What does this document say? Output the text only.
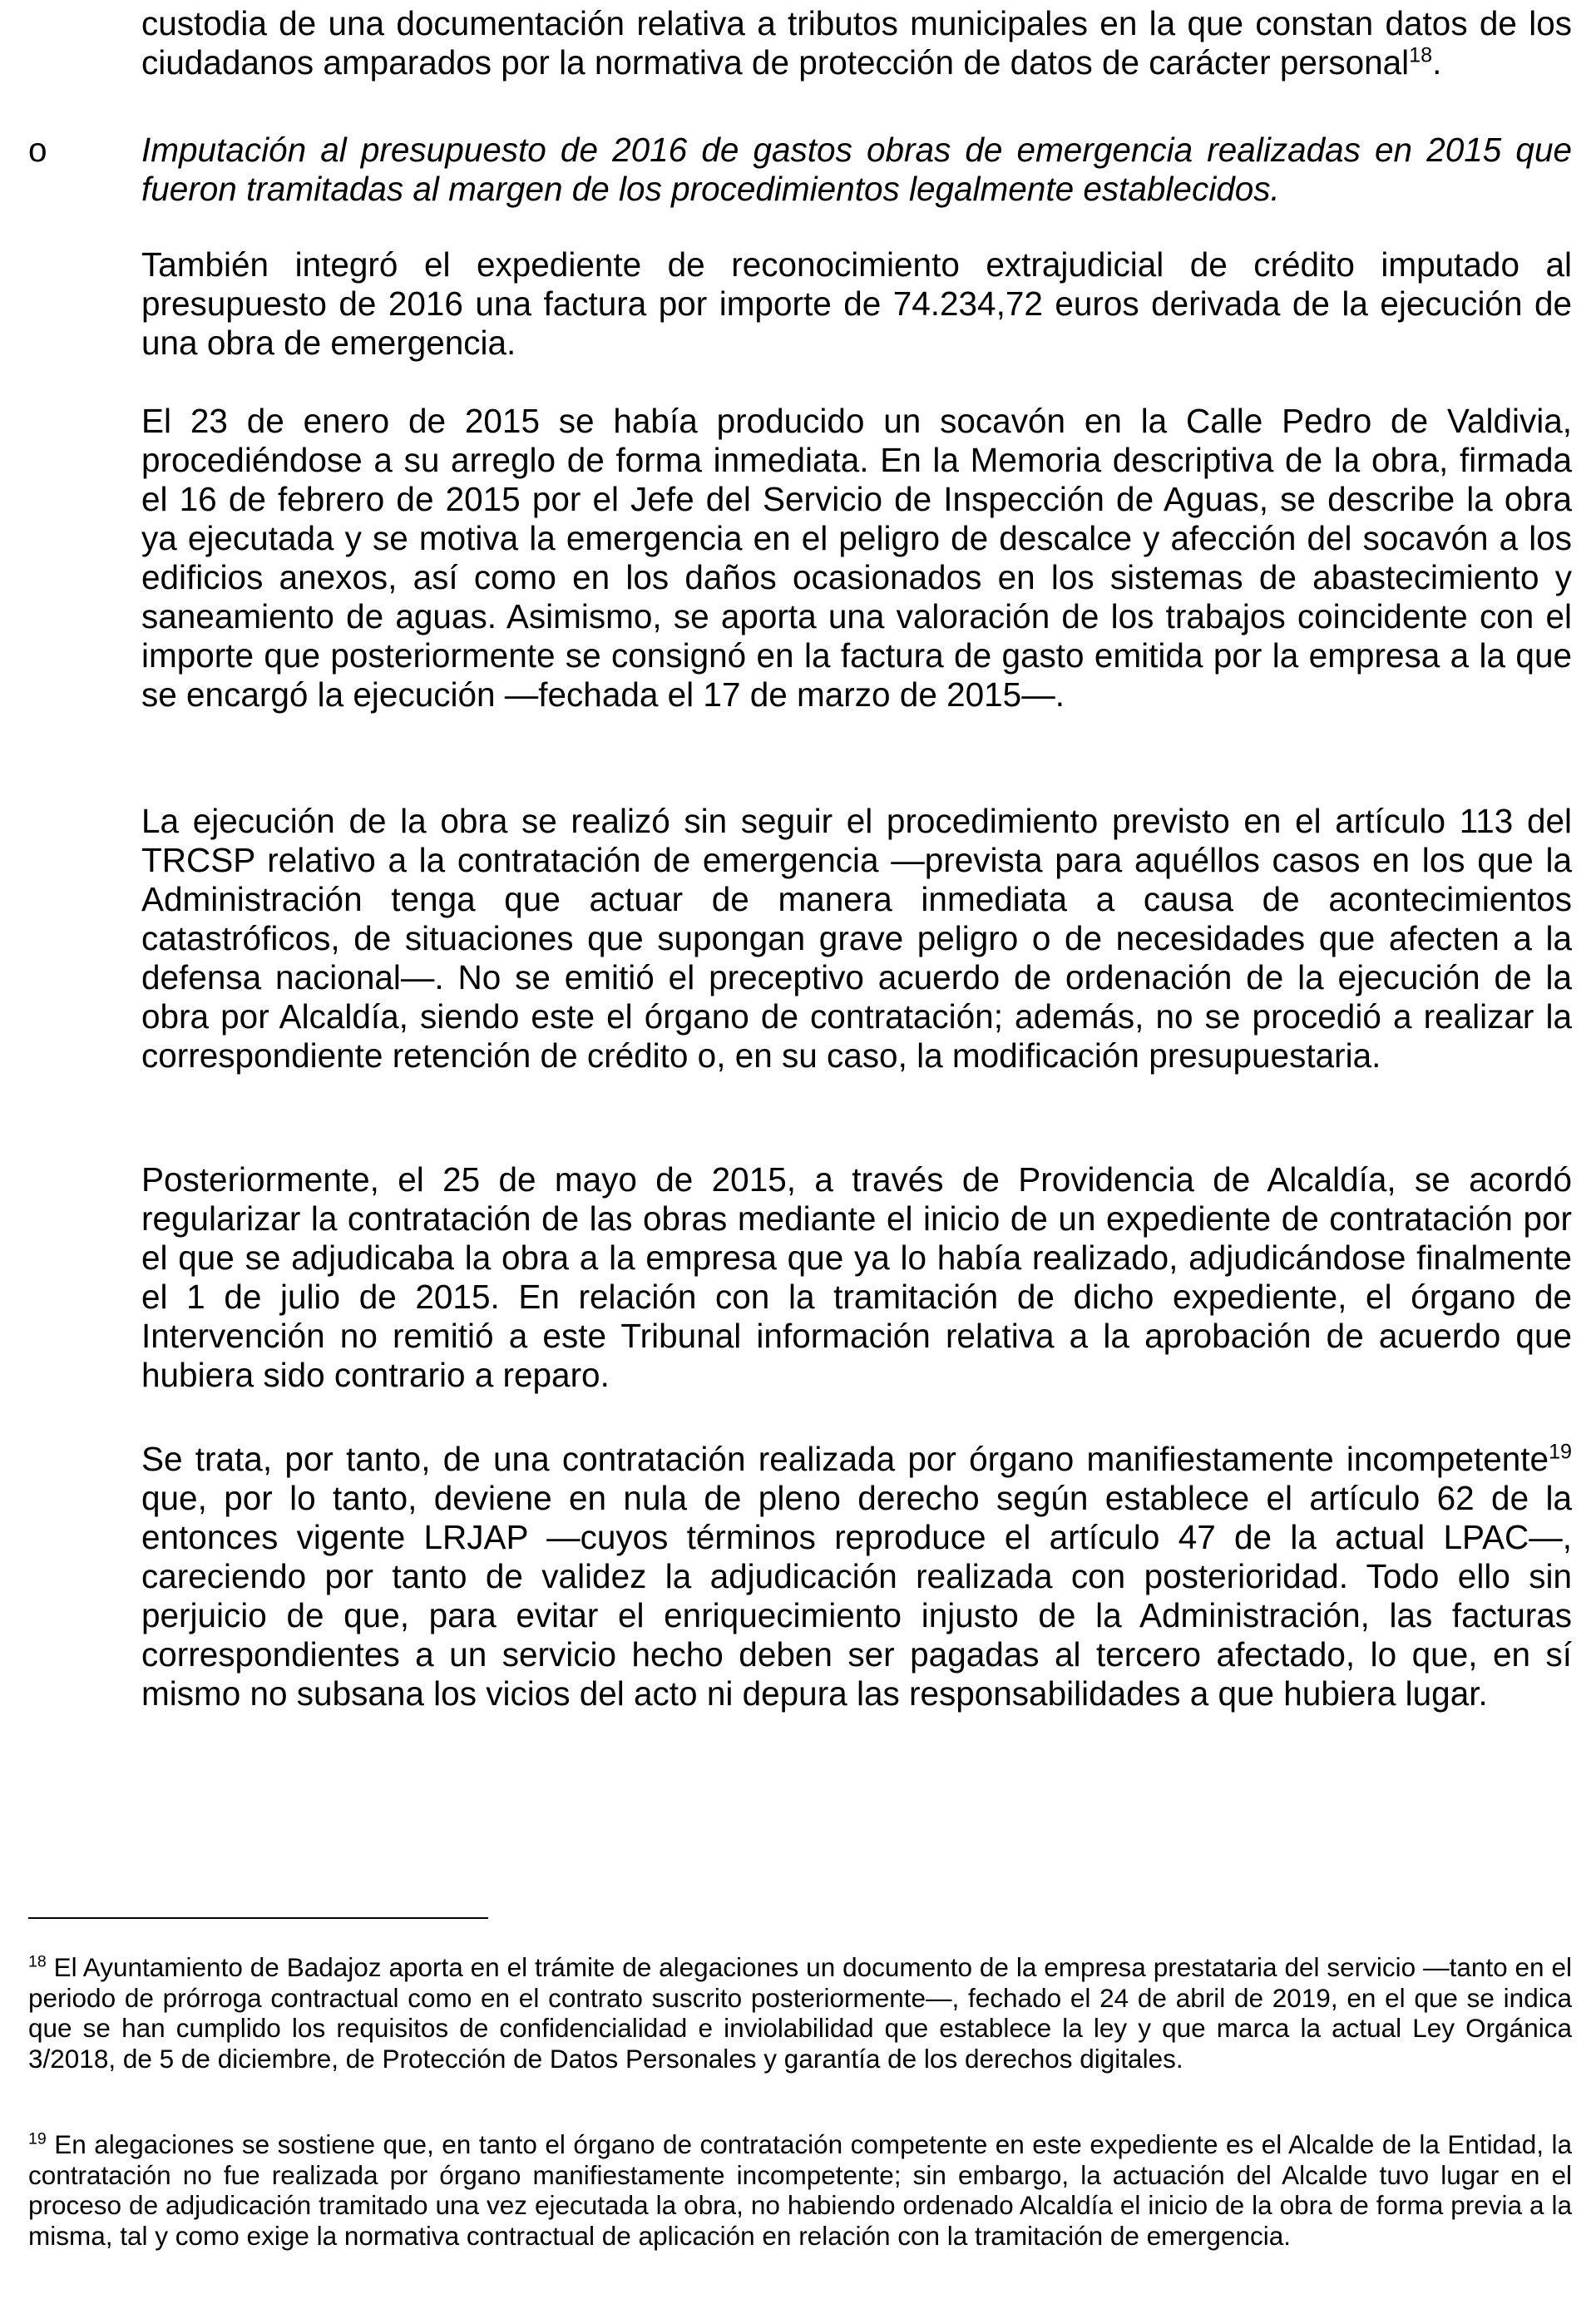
custodia de una documentación relativa a tributos municipales en la que constan datos de los ciudadanos amparados por la normativa de protección de datos de carácter personal$^{18}$.

o	Imputación al presupuesto de 2016 de gastos obras de emergencia realizadas en 2015 que fueron tramitadas al margen de los procedimientos legalmente establecidos.

También integró el expediente de reconocimiento extrajudicial de crédito imputado al presupuesto de 2016 una factura por importe de 74.234,72 euros derivada de la ejecución de una obra de emergencia.

El 23 de enero de 2015 se había producido un socavón en la Calle Pedro de Valdivia, procediéndose a su arreglo de forma inmediata. En la Memoria descriptiva de la obra, firmada el 16 de febrero de 2015 por el Jefe del Servicio de Inspección de Aguas, se describe la obra ya ejecutada y se motiva la emergencia en el peligro de descalce y afección del socavón a los edificios anexos, así como en los daños ocasionados en los sistemas de abastecimiento y saneamiento de aguas. Asimismo, se aporta una valoración de los trabajos coincidente con el importe que posteriormente se consignó en la factura de gasto emitida por la empresa a la que se encargó la ejecución —fechada el 17 de marzo de 2015—.

La ejecución de la obra se realizó sin seguir el procedimiento previsto en el artículo 113 del TRCSP relativo a la contratación de emergencia —prevista para aquéllos casos en los que la Administración tenga que actuar de manera inmediata a causa de acontecimientos catastróficos, de situaciones que supongan grave peligro o de necesidades que afecten a la defensa nacional—. No se emitió el preceptivo acuerdo de ordenación de la ejecución de la obra por Alcaldía, siendo este el órgano de contratación; además, no se procedió a realizar la correspondiente retención de crédito o, en su caso, la modificación presupuestaria.

Posteriormente, el 25 de mayo de 2015, a través de Providencia de Alcaldía, se acordó regularizar la contratación de las obras mediante el inicio de un expediente de contratación por el que se adjudicaba la obra a la empresa que ya lo había realizado, adjudicándose finalmente el 1 de julio de 2015. En relación con la tramitación de dicho expediente, el órgano de Intervención no remitió a este Tribunal información relativa a la aprobación de acuerdo que hubiera sido contrario a reparo.

Se trata, por tanto, de una contratación realizada por órgano manifiestamente incompetente$^{19}$ que, por lo tanto, deviene en nula de pleno derecho según establece el artículo 62 de la entonces vigente LRJAP —cuyos términos reproduce el artículo 47 de la actual LPAC—, careciendo por tanto de validez la adjudicación realizada con posterioridad. Todo ello sin perjuicio de que, para evitar el enriquecimiento injusto de la Administración, las facturas correspondientes a un servicio hecho deben ser pagadas al tercero afectado, lo que, en sí mismo no subsana los vicios del acto ni depura las responsabilidades a que hubiera lugar.

$^{18}$ El Ayuntamiento de Badajoz aporta en el trámite de alegaciones un documento de la empresa prestataria del servicio —tanto en el periodo de prórroga contractual como en el contrato suscrito posteriormente—, fechado el 24 de abril de 2019, en el que se indica que se han cumplido los requisitos de confidencialidad e inviolabilidad que establece la ley y que marca la actual Ley Orgánica 3/2018, de 5 de diciembre, de Protección de Datos Personales y garantía de los derechos digitales.

$^{19}$ En alegaciones se sostiene que, en tanto el órgano de contratación competente en este expediente es el Alcalde de la Entidad, la contratación no fue realizada por órgano manifiestamente incompetente; sin embargo, la actuación del Alcalde tuvo lugar en el proceso de adjudicación tramitado una vez ejecutada la obra, no habiendo ordenado Alcaldía el inicio de la obra de forma previa a la misma, tal y como exige la normativa contractual de aplicación en relación con la tramitación de emergencia.
